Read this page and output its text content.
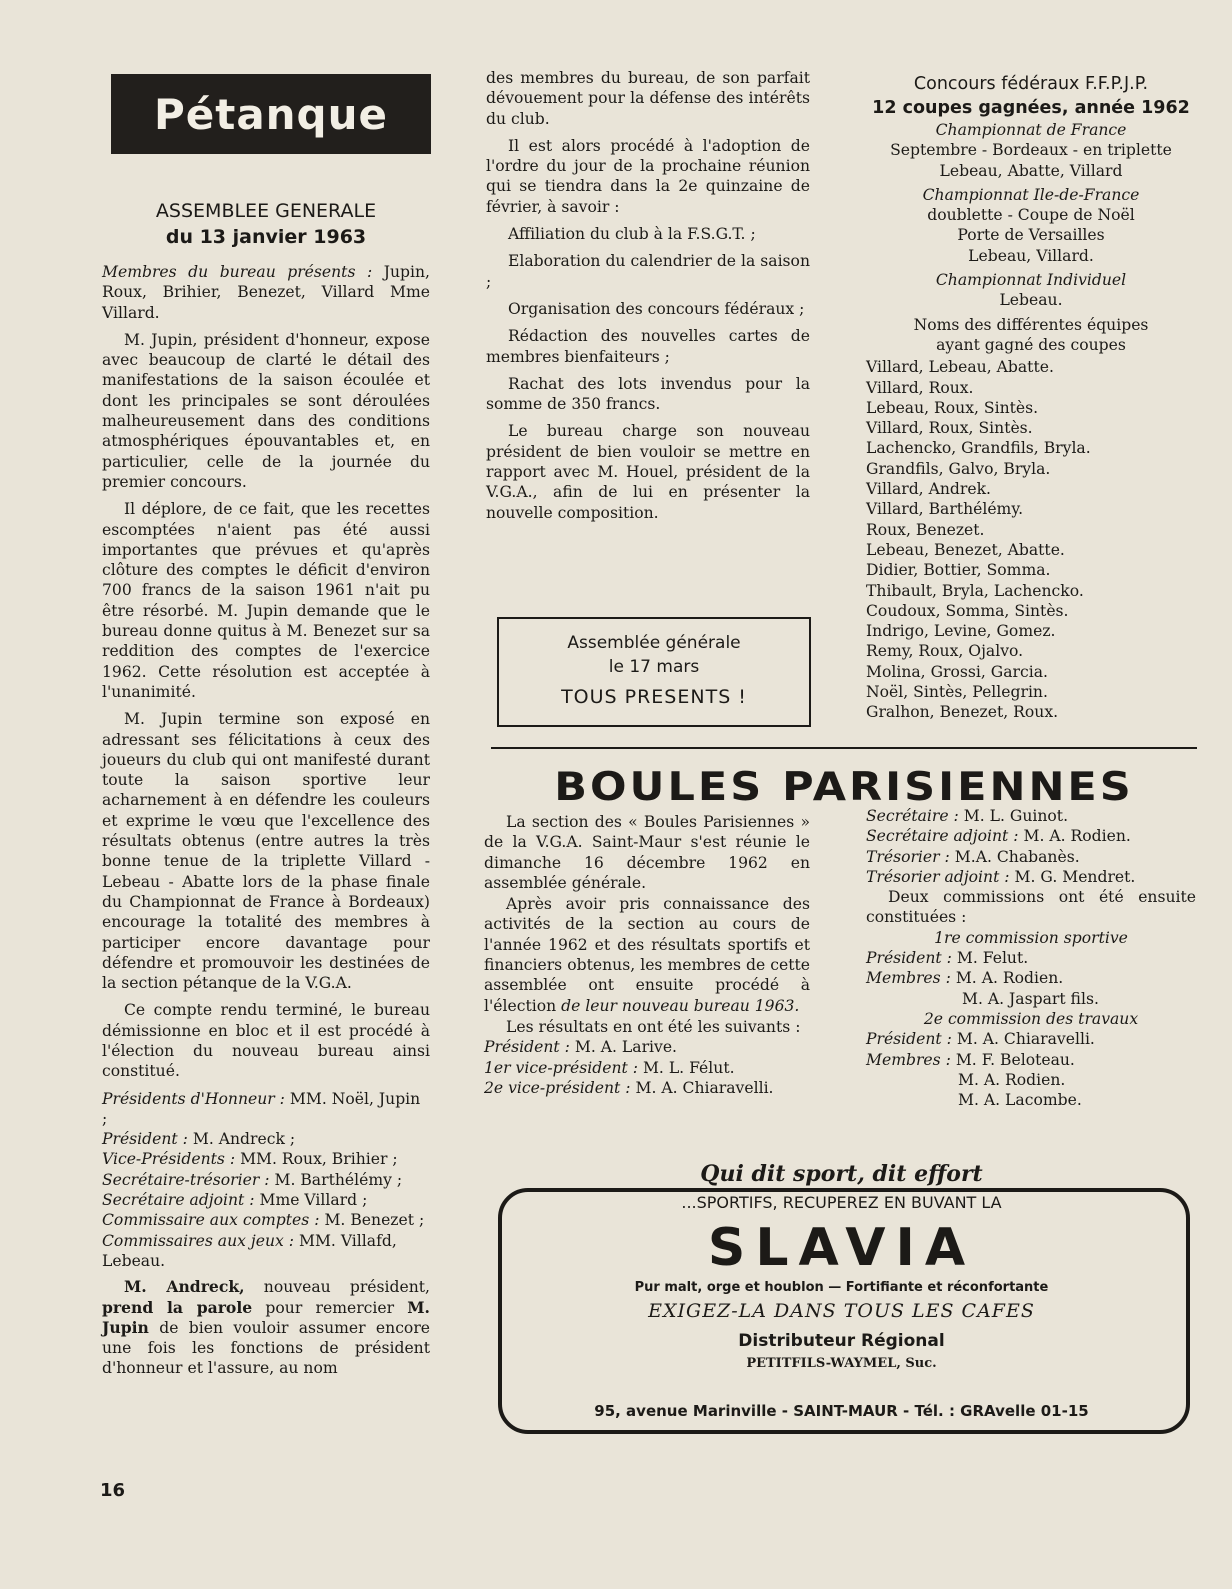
Pétanque
ASSEMBLEE GENERALE
du 13 janvier 1963

Membres du bureau présents : Jupin, Roux, Brihier, Benezet, Villard Mme Villard.

M. Jupin, président d'honneur, expose avec beaucoup de clarté le détail des manifestations de la saison écoulée et dont les principales se sont déroulées malheureusement dans des conditions atmosphériques épouvantables et, en particulier, celle de la journée du premier concours.

Il déplore, de ce fait, que les recettes escomptées n'aient pas été aussi importantes que prévues et qu'après clôture des comptes le déficit d'environ 700 francs de la saison 1961 n'ait pu être résorbé. M. Jupin demande que le bureau donne quitus à M. Benezet sur sa reddition des comptes de l'exercice 1962. Cette résolution est acceptée à l'unanimité.

M. Jupin termine son exposé en adressant ses félicitations à ceux des joueurs du club qui ont manifesté durant toute la saison sportive leur acharnement à en défendre les couleurs et exprime le vœu que l'excellence des résultats obtenus (entre autres la très bonne tenue de la triplette Villard - Lebeau - Abatte lors de la phase finale du Championnat de France à Bordeaux) encourage la totalité des membres à participer encore davantage pour défendre et promouvoir les destinées de la section pétanque de la V.G.A.

Ce compte rendu terminé, le bureau démissionne en bloc et il est procédé à l'élection du nouveau bureau ainsi constitué.

Présidents d'Honneur : MM. Noël, Jupin ;
Président : M. Andreck ;
Vice-Présidents : MM. Roux, Brihier ;
Secrétaire-trésorier : M. Barthélémy ;
Secrétaire adjoint : Mme Villard ;
Commissaire aux comptes : M. Benezet ;
Commissaires aux jeux : MM. Villafd, Lebeau.

M. Andreck, nouveau président, prend la parole pour remercier M. Jupin de bien vouloir assumer encore une fois les fonctions de président d'honneur et l'assure, au nom

des membres du bureau, de son parfait dévouement pour la défense des intérêts du club.

Il est alors procédé à l'adoption de l'ordre du jour de la prochaine réunion qui se tiendra dans la 2e quinzaine de février, à savoir :

Affiliation du club à la F.S.G.T. ;

Elaboration du calendrier de la saison ;

Organisation des concours fédéraux ;

Rédaction des nouvelles cartes de membres bienfaiteurs ;

Rachat des lots invendus pour la somme de 350 francs.

Le bureau charge son nouveau président de bien vouloir se mettre en rapport avec M. Houel, président de la V.G.A., afin de lui en présenter la nouvelle composition.

Assemblée générale
le 17 mars
TOUS PRESENTS !
Concours fédéraux F.F.P.J.P.
12 coupes gagnées, année 1962
Championnat de France
Septembre - Bordeaux - en triplette
Lebeau, Abatte, Villard
Championnat Ile-de-France
doublette - Coupe de Noël
Porte de Versailles
Lebeau, Villard.
Championnat Individuel
Lebeau.
Noms des différentes équipes
ayant gagné des coupes
Villard, Lebeau, Abatte.
Villard, Roux.
Lebeau, Roux, Sintès.
Villard, Roux, Sintès.
Lachencko, Grandfils, Bryla.
Grandfils, Galvo, Bryla.
Villard, Andrek.
Villard, Barthélémy.
Roux, Benezet.
Lebeau, Benezet, Abatte.
Didier, Bottier, Somma.
Thibault, Bryla, Lachencko.
Coudoux, Somma, Sintès.
Indrigo, Levine, Gomez.
Remy, Roux, Ojalvo.
Molina, Grossi, Garcia.
Noël, Sintès, Pellegrin.
Gralhon, Benezet, Roux.
BOULES PARISIENNES

La section des « Boules Parisiennes » de la V.G.A. Saint-Maur s'est réunie le dimanche 16 décembre 1962 en assemblée générale.

Après avoir pris connaissance des activités de la section au cours de l'année 1962 et des résultats sportifs et financiers obtenus, les membres de cette assemblée ont ensuite procédé à l'élection de leur nouveau bureau 1963.

Les résultats en ont été les suivants :

Président : M. A. Larive.
1er vice-président : M. L. Félut.
2e vice-président : M. A. Chiaravelli.
Secrétaire : M. L. Guinot.
Secrétaire adjoint : M. A. Rodien.
Trésorier : M.A. Chabanès.
Trésorier adjoint : M. G. Mendret.

Deux commissions ont été ensuite constituées :

1re commission sportive
Président : M. Felut.
Membres : M. A. Rodien.
M. A. Jaspart fils.
2e commission des travaux
Président : M. A. Chiaravelli.
Membres : M. F. Beloteau.
M. A. Rodien.
M. A. Lacombe.
Qui dit sport, dit effort
...SPORTIFS, RECUPEREZ EN BUVANT LA
SLAVIA
Pur malt, orge et houblon — Fortifiante et réconfortante
EXIGEZ-LA DANS TOUS LES CAFES
Distributeur Régional
PETITFILS-WAYMEL, Suc.
95, avenue Marinville - SAINT-MAUR - Tél. : GRAvelle 01-15
16
